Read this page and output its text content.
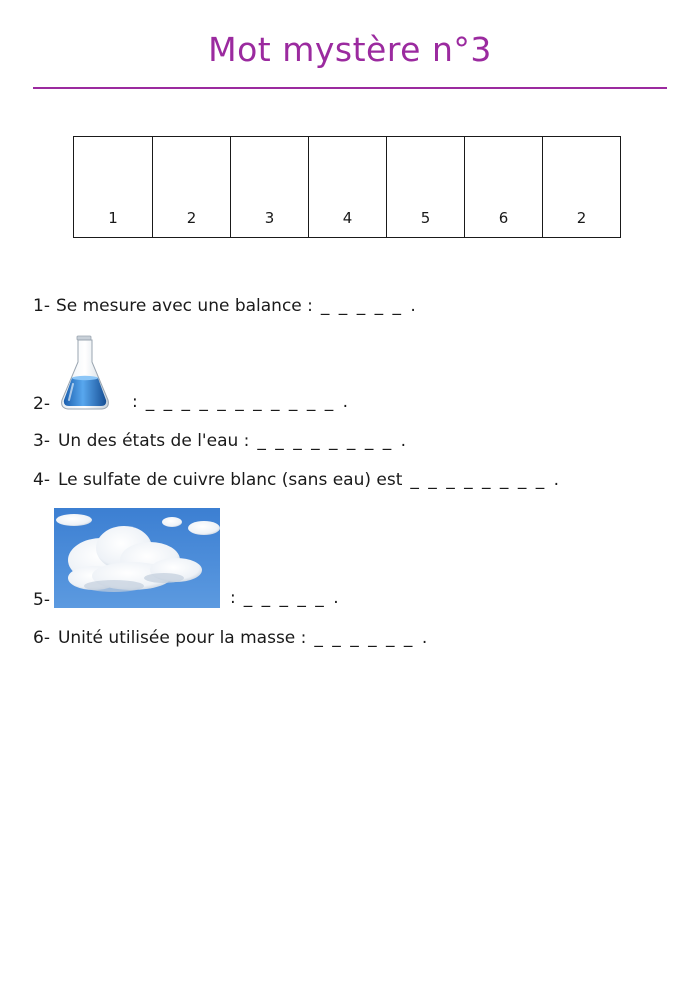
Mot mystère n°3
1	2	3	4	5	6	2
1- Se mesure avec une balance : _ _ _ _ _ .
2-	: _ _ _ _ _ _ _ _ _ _ _ .
3- Un des états de l'eau : _ _ _ _ _ _ _ _ .
4- Le sulfate de cuivre blanc (sans eau) est _ _ _ _ _ _ _ _ .
5-	: _ _ _ _ _ .
6- Unité utilisée pour la masse : _ _ _ _ _ _ .
